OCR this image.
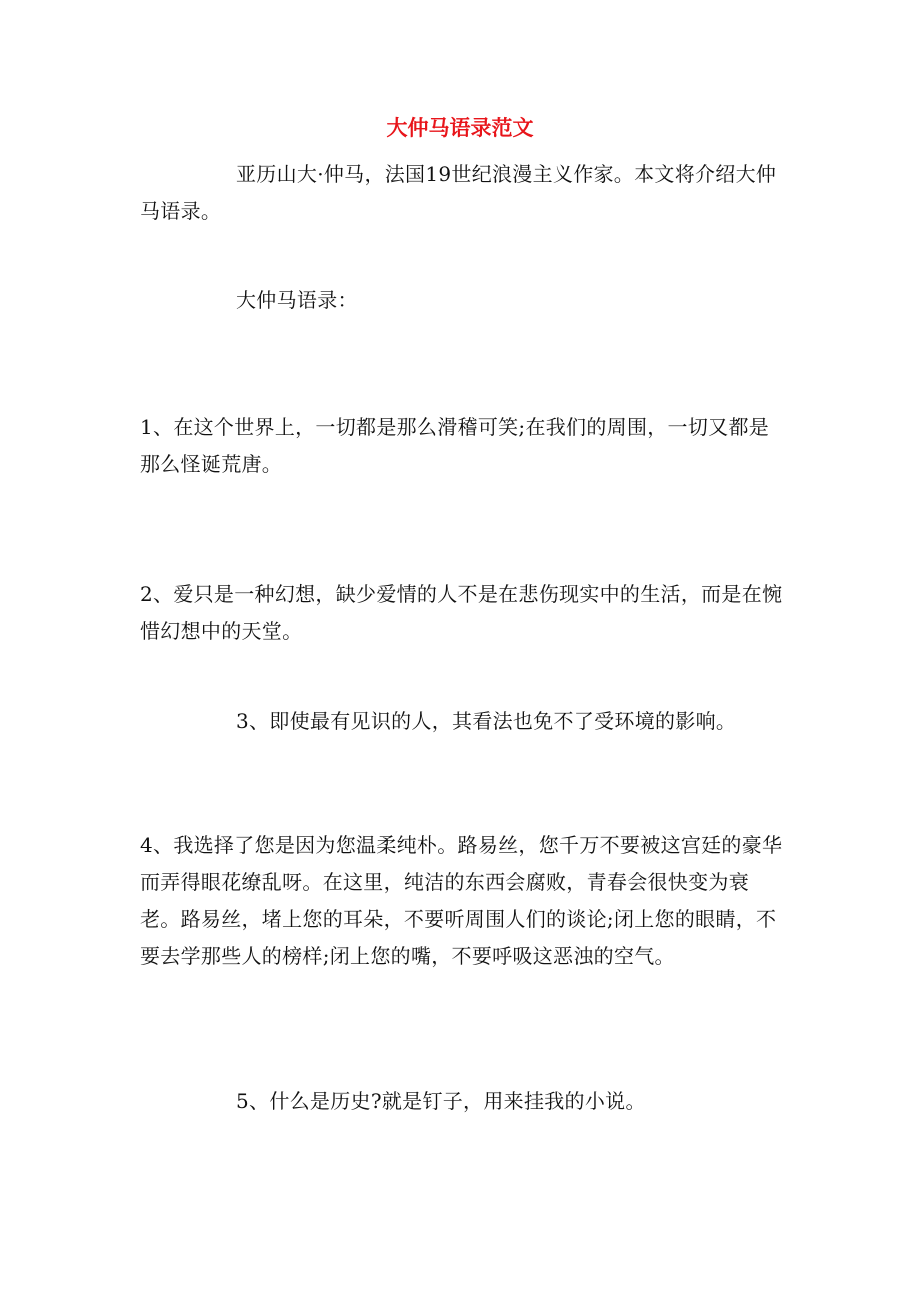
大仲马语录范文

亚历山大·仲马，法国19世纪浪漫主义作家。本文将介绍大仲马语录。

大仲马语录：

1、在这个世界上，一切都是那么滑稽可笑;在我们的周围，一切又都是那么怪诞荒唐。

2、爱只是一种幻想，缺少爱情的人不是在悲伤现实中的生活，而是在惋惜幻想中的天堂。

3、即使最有见识的人，其看法也免不了受环境的影响。

4、我选择了您是因为您温柔纯朴。路易丝，您千万不要被这宫廷的豪华而弄得眼花缭乱呀。在这里，纯洁的东西会腐败，青春会很快变为衰老。路易丝，堵上您的耳朵，不要听周围人们的谈论;闭上您的眼睛，不要去学那些人的榜样;闭上您的嘴，不要呼吸这恶浊的空气。

5、什么是历史?就是钉子，用来挂我的小说。
